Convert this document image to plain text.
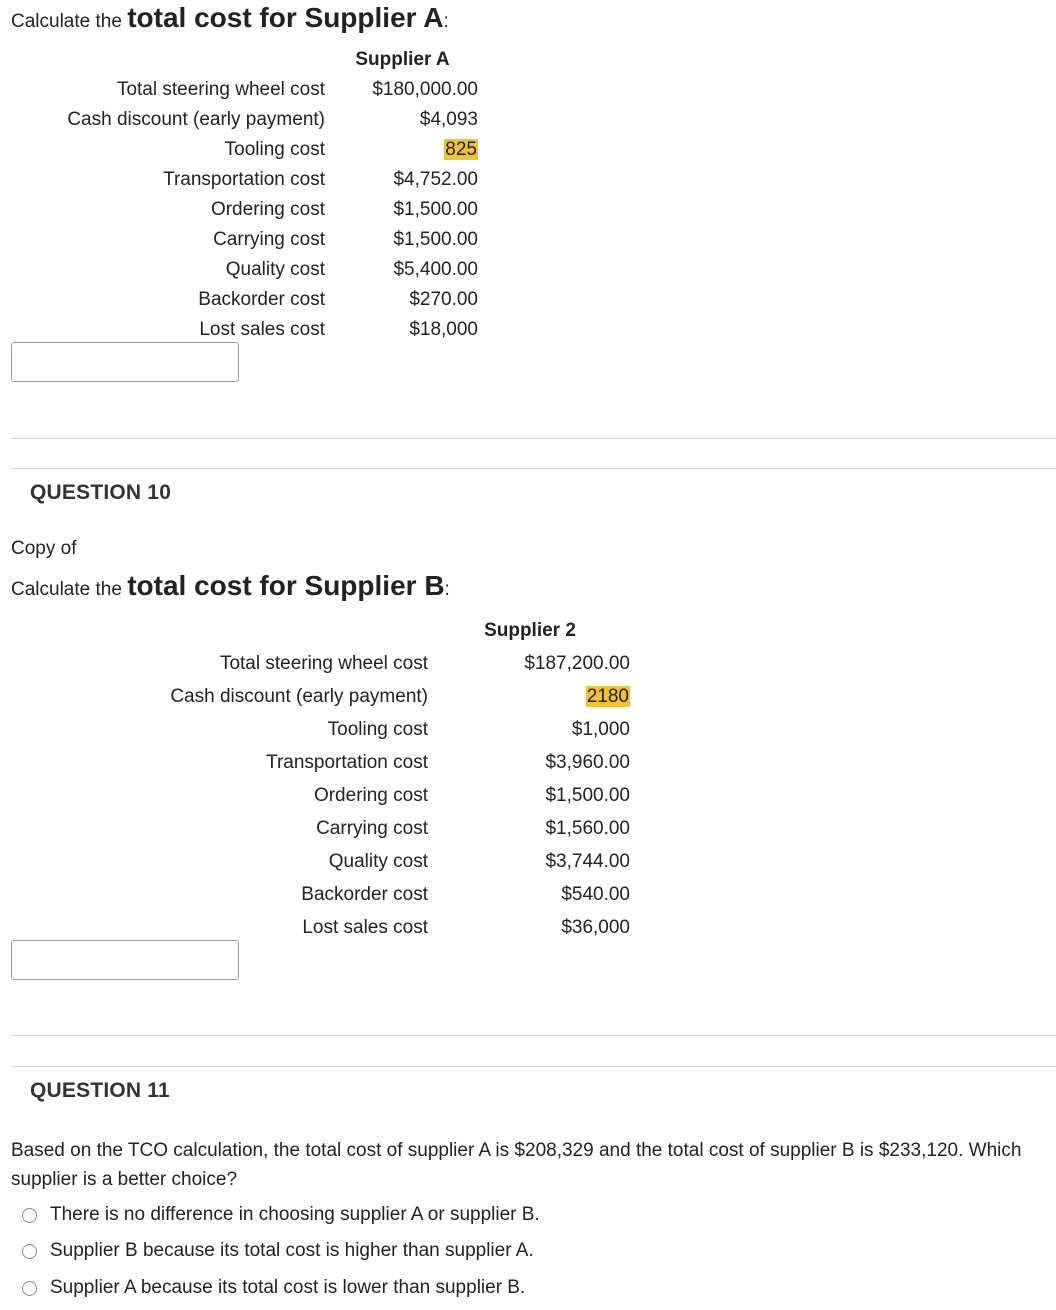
Calculate the total cost for Supplier A:
Supplier A
Total steering wheel cost	$180,000.00
Cash discount (early payment)	$4,093
Tooling cost	825
Transportation cost	$4,752.00
Ordering cost	$1,500.00
Carrying cost	$1,500.00
Quality cost	$5,400.00
Backorder cost	$270.00
Lost sales cost	$18,000
QUESTION 10
Copy of
Calculate the total cost for Supplier B:
Supplier 2
Total steering wheel cost	$187,200.00
Cash discount (early payment)	2180
Tooling cost	$1,000
Transportation cost	$3,960.00
Ordering cost	$1,500.00
Carrying cost	$1,560.00
Quality cost	$3,744.00
Backorder cost	$540.00
Lost sales cost	$36,000
QUESTION 11
Based on the TCO calculation, the total cost of supplier A is $208,329 and the total cost of supplier B is $233,120. Which supplier is a better choice?
There is no difference in choosing supplier A or supplier B.
Supplier B because its total cost is higher than supplier A.
Supplier A because its total cost is lower than supplier B.
